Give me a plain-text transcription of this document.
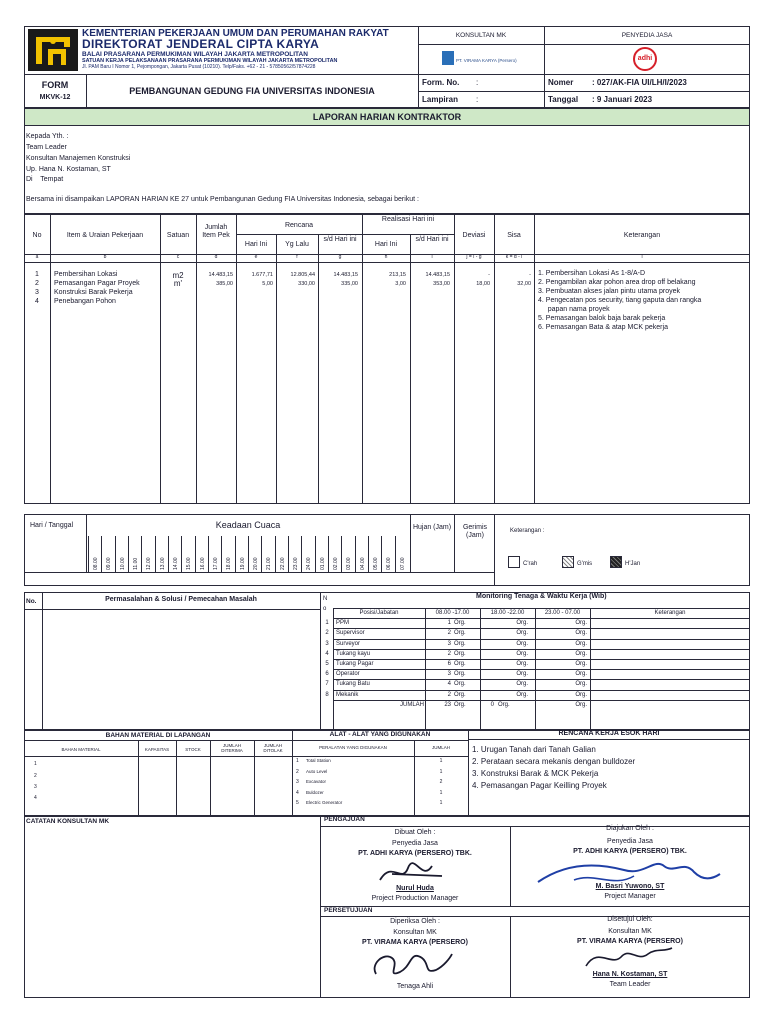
KEMENTERIAN PEKERJAAN UMUM DAN PERUMAHAN RAKYAT
DIREKTORAT JENDERAL CIPTA KARYA
BALAI PRASARANA PERMUKIMAN WILAYAH JAKARTA METROPOLITAN
SATUAN KERJA PELAKSANAAN PRASARANA PERMUKIMAN WILAYAH JAKARTA METROPOLITAN
Jl. PAM Baru I Nomor 1, Pejompongan, Jakarta Pusat (10210). Telp/Faks. +62 - 21 - 57850562/57874228
KONSULTAN MK
PT. VIRAMA KARYA (Persero)
PENYEDIA JASA
adhi
FORM
MKVK-12
PEMBANGUNAN GEDUNG FIA UNIVERSITAS INDONESIA
Form. No. :
Lampiran :
Nomer : 027/AK-FIA UI/LH/I/2023
Tanggal : 9 Januari 2023
LAPORAN HARIAN KONTRAKTOR
Kepada Yth. :
Team Leader
Konsultan Manajemen Konstruksi
Up. Hana N. Kostaman, ST
Di    Tempat
Bersama ini disampaikan LAPORAN HARIAN KE 27 untuk Pembangunan Gedung FIA Universitas Indonesia, sebagai berikut :
No	Item & Uraian Pekerjaan	Satuan
Jumlah Item Pek
Rencana
Hari Ini	Yg Lalu
s/d Hari ini
Realisasi Hari ini
Hari Ini
s/d Hari ini
Deviasi	Sisa	Keterangan
a	b	c	d	e	f	g	h	i	j = i - g	k = d - i	l
1	Pembersihan Lokasi	m2	14.483,15	1.677,71	12.805,44	14.483,15	213,15	14.483,15	-	-
2	Pemasangan Pagar Proyek	m'	385,00	5,00	330,00	335,00	3,00	353,00	18,00	32,00
3	Konstruksi Barak Pekerja
4	Penebangan Pohon
1. Pembersihan Lokasi As 1-8/A-D
2. Pengambilan akar pohon area drop off belakang
3. Pembuatan akses jalan pintu utama proyek
4. Pengecatan pos security, tiang gaputa dan rangka
papan nama proyek
5. Pemasangan balok baja barak pekerja
6. Pemasangan Bata & atap MCK pekerja
Hari / Tanggal	Keadaan Cuaca	Hujan (Jam)	Gerimis (Jam)
Keterangan :
08.00 09.00 10.00 11.00 12.00 13.00 14.00 15.00 16.00 17.00 18.00 19.00 20.00 21.00 22.00 23.00 24.00 01.00 02.00 03.00 04.00 05.00 06.00 07.00	C'rah	G'mis	H'Jan
No.	Permasalahan & Solusi / Pemecahan Masalah	N
o
Monitoring Tenaga & Waktu Kerja (Wib)
Posisi/Jabatan	08.00 -17.00	18.00 -22.00	23.00 - 07.00	Keterangan
1	PPM	1 Org.	Org.	Org.
2	Supervisor	2 Org.	Org.	Org.
3	Surveyor	3 Org.	Org.	Org.
4	Tukang kayu	2 Org.	Org.	Org.
5	Tukang Pagar	6 Org.	Org.	Org.
6	Operator	3 Org.	Org.	Org.
7	Tukang Batu	4 Org.	Org.	Org.
8	Mekanik	2 Org.	Org.	Org.
JUMLAH	23 Org.	0 Org.	Org.
BAHAN MATERIAL DI LAPANGAN	ALAT - ALAT YANG DIGUNAKAN	RENCANA KERJA ESOK HARI
BAHAN MATERIAL	KAPASITAS	STOCK
JUMLAH DITERIMA
JUMLAH DITOLAK
1
2
3
4
PERALATAN YANG DIGUNAKAN	JUMLAH
1 Total Station	1
2 Auto Level	1
3 Excavator	2
4 Buldozer	1
5 Electric Generator	1
1. Urugan Tanah dari Tanah Galian
2. Perataan secara mekanis dengan bulldozer
3. Konstruksi Barak & MCK Pekerja
4. Pemasangan Pagar Keilling Proyek
CATATAN KONSULTAN MK	PENGAJUAN
PERSETUJUAN
Dibuat Oleh :
Penyedia Jasa
PT. ADHI KARYA (PERSERO) TBK.
Nurul Huda
Project Production Manager
Diajukan Oleh :
Penyedia Jasa
PT. ADHI KARYA (PERSERO) TBK.
M. Basri Yuwono, ST
Project Manager
Diperiksa Oleh :
Konsultan MK
PT. VIRAMA KARYA (PERSERO)
Tenaga Ahli
Disetujui Oleh:
Konsultan MK
PT. VIRAMA KARYA (PERSERO)
Hana N. Kostaman, ST
Team Leader
